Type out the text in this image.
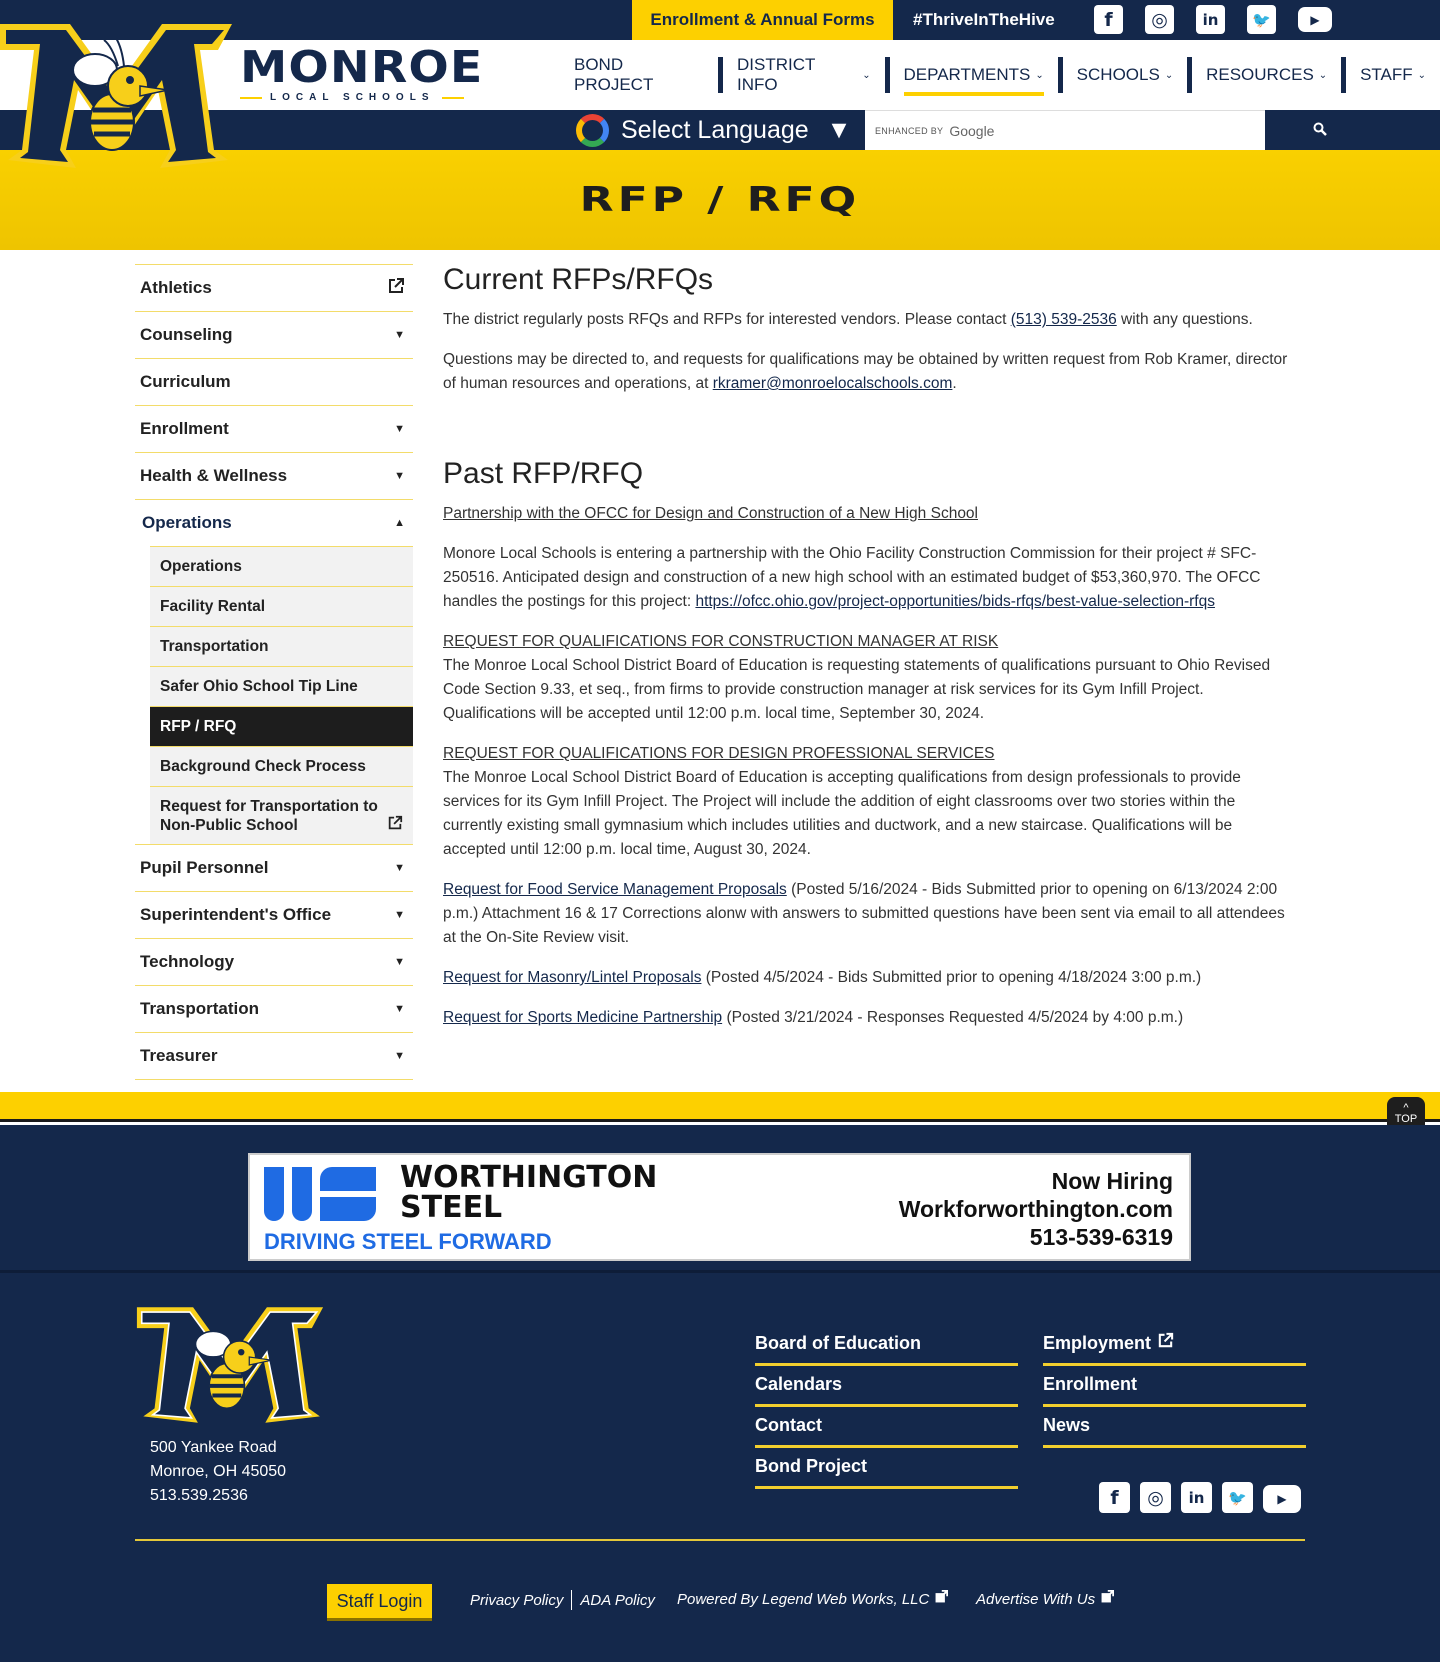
Enrollment & Annual Forms	#ThriveInTheHive	f	◎	in	🐦	▶
MONROE
LOCAL SCHOOLS
BOND PROJECT
DISTRICT INFO	⌄ DEPARTMENTS ⌄ SCHOOLS ⌄ RESOURCES ⌄ STAFF ⌄
Select Language ▼	ENHANCED BY Google
RFP / RFQ
Athletics
Counseling	▼
Curriculum
Enrollment	▼
Health & Wellness	▼
Operations	▲
Operations
Facility Rental
Transportation
Safer Ohio School Tip Line
RFP / RFQ
Background Check Process
Request for Transportation to Non-Public School
Pupil Personnel	▼
Superintendent's Office	▼
Technology	▼
Transportation	▼
Treasurer	▼
Current RFPs/RFQs

The district regularly posts RFQs and RFPs for interested vendors. Please contact (513) 539-2536 with any questions.

Questions may be directed to, and requests for qualifications may be obtained by written request from Rob Kramer, director of human resources and operations, at rkramer@monroelocalschools.com.

Past RFP/RFQ

Partnership with the OFCC for Design and Construction of a New High School

Monore Local Schools is entering a partnership with the Ohio Facility Construction Commission for their project # SFC-250516. Anticipated design and construction of a new high school with an estimated budget of $53,360,970. The OFCC handles the postings for this project: https://ofcc.ohio.gov/project-opportunities/bids-rfqs/best-value-selection-rfqs

REQUEST FOR QUALIFICATIONS FOR CONSTRUCTION MANAGER AT RISK
The Monroe Local School District Board of Education is requesting statements of qualifications pursuant to Ohio Revised Code Section 9.33, et seq., from firms to provide construction manager at risk services for its Gym Infill Project. Qualifications will be accepted until 12:00 p.m. local time, September 30, 2024.

REQUEST FOR QUALIFICATIONS FOR DESIGN PROFESSIONAL SERVICES
The Monroe Local School District Board of Education is accepting qualifications from design professionals to provide services for its Gym Infill Project. The Project will include the addition of eight classrooms over two stories within the currently existing small gymnasium which includes utilities and ductwork, and a new staircase. Qualifications will be accepted until 12:00 p.m. local time, August 30, 2024.

Request for Food Service Management Proposals (Posted 5/16/2024 - Bids Submitted prior to opening on 6/13/2024 2:00 p.m.) Attachment 16 & 17 Corrections alonw with answers to submitted questions have been sent via email to all attendees at the On-Site Review visit.

Request for Masonry/Lintel Proposals (Posted 4/5/2024 - Bids Submitted prior to opening 4/18/2024 3:00 p.m.)

Request for Sports Medicine Partnership (Posted 3/21/2024 - Responses Requested 4/5/2024 by 4:00 p.m.)

^
TOP
WORTHINGTON
STEEL
DRIVING STEEL FORWARD
Now Hiring
Workforworthington.com
513-539-6319
500 Yankee Road
Monroe, OH 45050
513.539.2536
Board of Education	Employment
Calendars	Enrollment
Contact	News
Bond Project
f	◎	in	🐦	▶
Staff Login	Privacy Policy ADA Policy Powered By Legend Web Works, LLC	Advertise With Us
